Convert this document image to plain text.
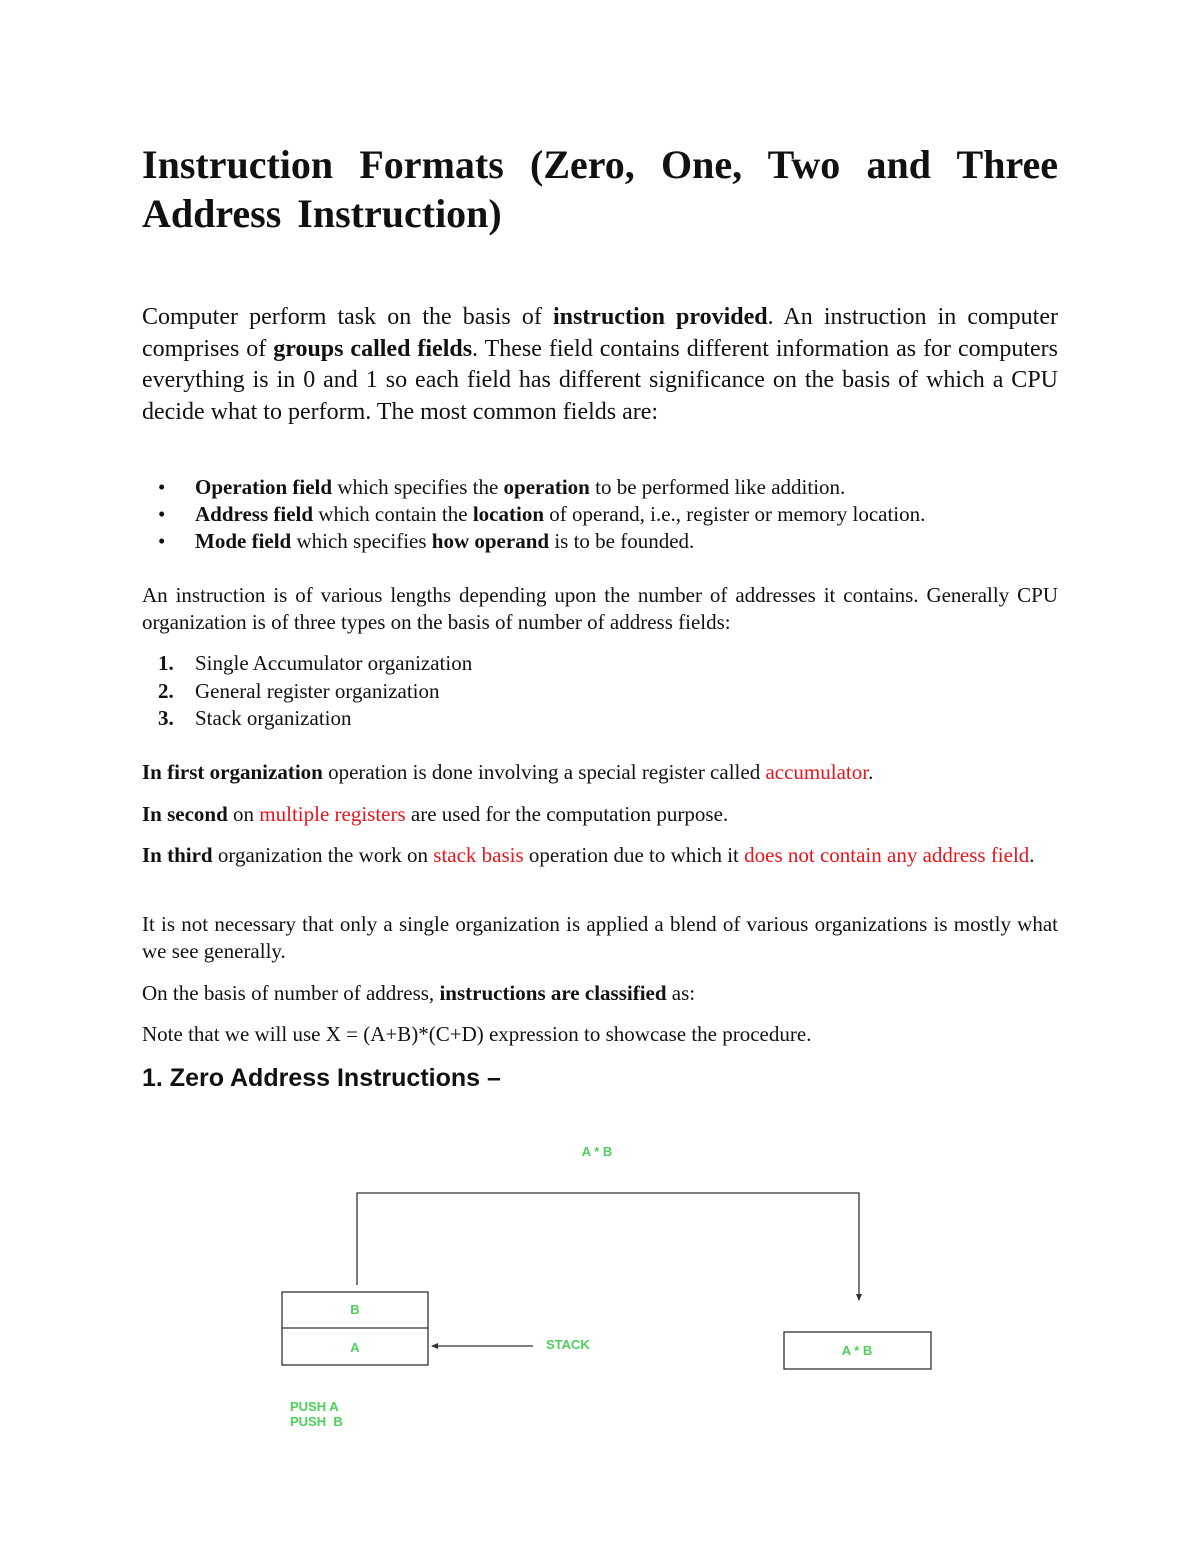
Instruction Formats (Zero, One, Two and Three Address Instruction)

Computer perform task on the basis of instruction provided. An instruction in computer comprises of groups called fields. These field contains different information as for computers everything is in 0 and 1 so each field has different significance on the basis of which a CPU decide what to perform. The most common fields are:

• Operation field which specifies the operation to be performed like addition.
• Address field which contain the location of operand, i.e., register or memory location.
• Mode field which specifies how operand is to be founded.

An instruction is of various lengths depending upon the number of addresses it contains. Generally CPU organization is of three types on the basis of number of address fields:

1. Single Accumulator organization
2. General register organization
3. Stack organization

In first organization operation is done involving a special register called accumulator.

In second on multiple registers are used for the computation purpose.

In third organization the work on stack basis operation due to which it does not contain any address field.

It is not necessary that only a single organization is applied a blend of various organizations is mostly what we see generally.

On the basis of number of address, instructions are classified as:

Note that we will use X = (A+B)*(C+D) expression to showcase the procedure.

1. Zero Address Instructions –
A * B
B
A	STACK	A * B
PUSH A
PUSH  B
